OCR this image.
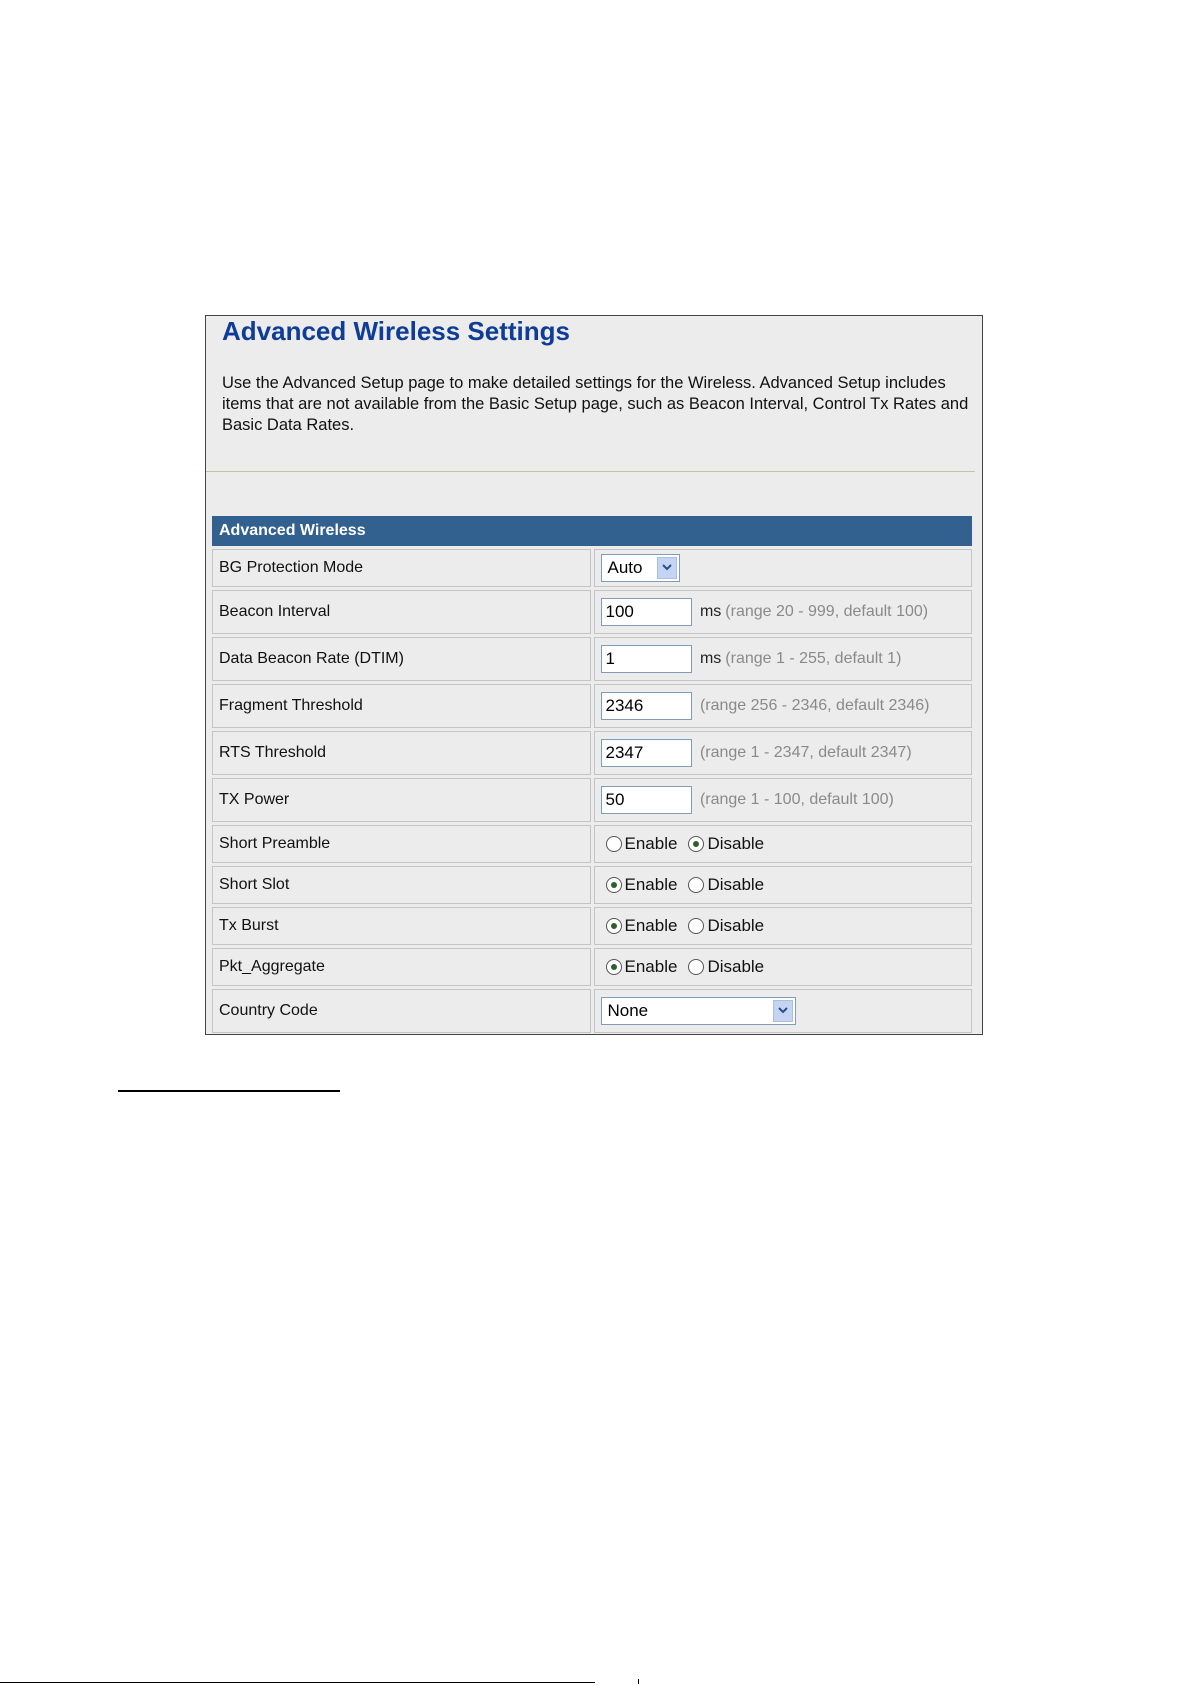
Advanced Wireless Settings

Use the Advanced Setup page to make detailed settings for the Wireless. Advanced Setup includes items that are not available from the Basic Setup page, such as Beacon Interval, Control Tx Rates and Basic Data Rates.

Advanced Wireless	
BG Protection Mode	Auto

Beacon Interval	100ms (range 20 - 999, default 100)
Data Beacon Rate (DTIM)	1ms (range 1 - 255, default 1)
Fragment Threshold	2346(range 256 - 2346, default 2346)
RTS Threshold	2347(range 1 - 2347, default 2347)
TX Power	50(range 1 - 100, default 100)
Short Preamble	Enable Disable
Short Slot	Enable Disable
Tx Burst	Enable Disable
Pkt_Aggregate	Enable Disable
Country Code	None
